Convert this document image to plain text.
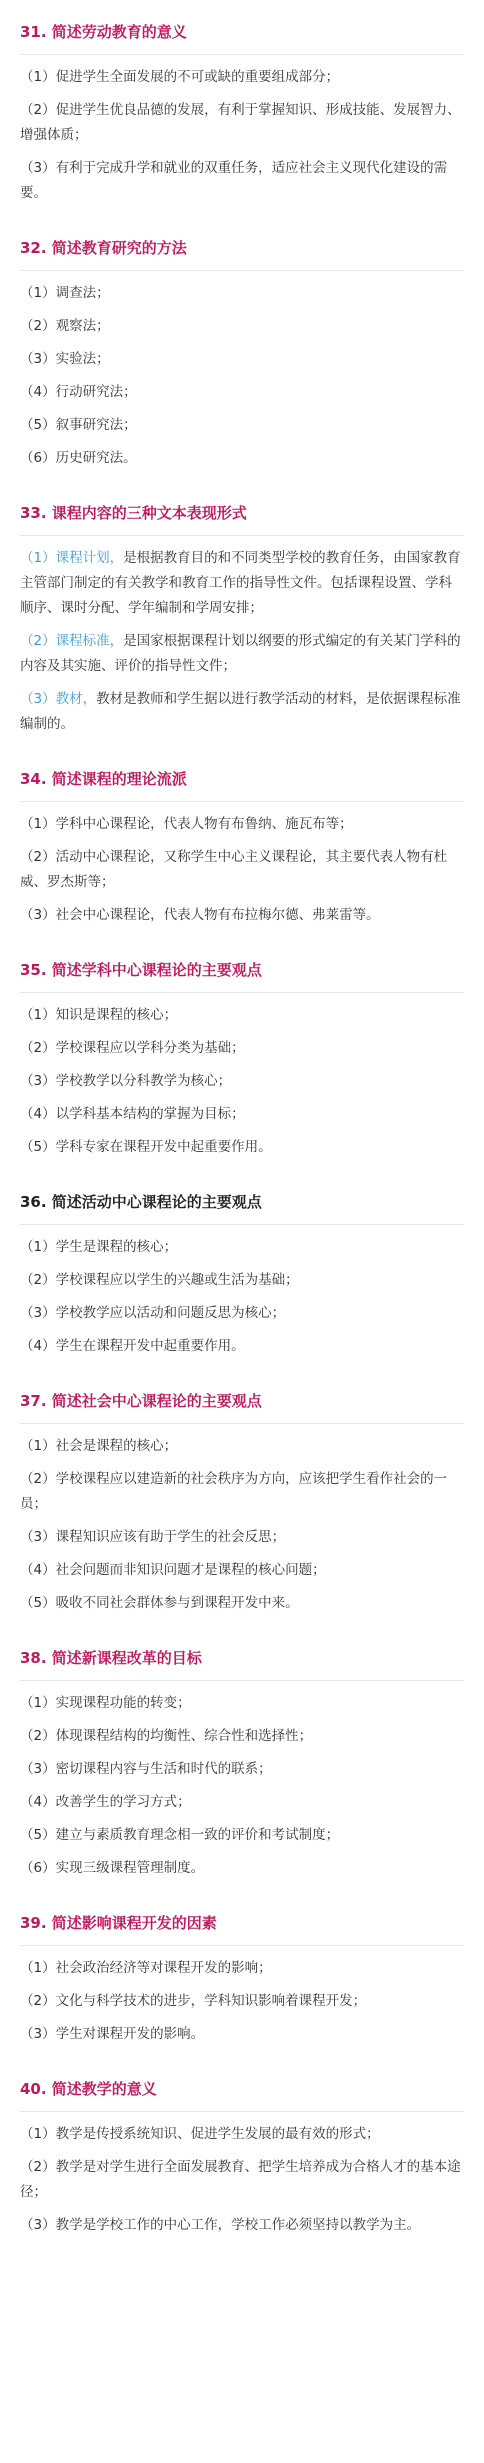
31. 简述劳动教育的意义

（1）促进学生全面发展的不可或缺的重要组成部分；

（2）促进学生优良品德的发展，有利于掌握知识、形成技能、发展智力、增强体质；

（3）有利于完成升学和就业的双重任务，适应社会主义现代化建设的需要。

32. 简述教育研究的方法

（1）调查法；

（2）观察法；

（3）实验法；

（4）行动研究法；

（5）叙事研究法；

（6）历史研究法。

33. 课程内容的三种文本表现形式

（1）课程计划，是根据教育目的和不同类型学校的教育任务，由国家教育主管部门制定的有关教学和教育工作的指导性文件。包括课程设置、学科顺序、课时分配、学年编制和学周安排；

（2）课程标准，是国家根据课程计划以纲要的形式编定的有关某门学科的内容及其实施、评价的指导性文件；

（3）教材，教材是教师和学生据以进行教学活动的材料，是依据课程标准编制的。

34. 简述课程的理论流派

（1）学科中心课程论，代表人物有布鲁纳、施瓦布等；

（2）活动中心课程论，又称学生中心主义课程论，其主要代表人物有杜威、罗杰斯等；

（3）社会中心课程论，代表人物有布拉梅尔德、弗莱雷等。

35. 简述学科中心课程论的主要观点

（1）知识是课程的核心；

（2）学校课程应以学科分类为基础；

（3）学校教学以分科教学为核心；

（4）以学科基本结构的掌握为目标；

（5）学科专家在课程开发中起重要作用。

36. 简述活动中心课程论的主要观点

（1）学生是课程的核心；

（2）学校课程应以学生的兴趣或生活为基础；

（3）学校教学应以活动和问题反思为核心；

（4）学生在课程开发中起重要作用。

37. 简述社会中心课程论的主要观点

（1）社会是课程的核心；

（2）学校课程应以建造新的社会秩序为方向，应该把学生看作社会的一员；

（3）课程知识应该有助于学生的社会反思；

（4）社会问题而非知识问题才是课程的核心问题；

（5）吸收不同社会群体参与到课程开发中来。

38. 简述新课程改革的目标

（1）实现课程功能的转变；

（2）体现课程结构的均衡性、综合性和选择性；

（3）密切课程内容与生活和时代的联系；

（4）改善学生的学习方式；

（5）建立与素质教育理念相一致的评价和考试制度；

（6）实现三级课程管理制度。

39. 简述影响课程开发的因素

（1）社会政治经济等对课程开发的影响；

（2）文化与科学技术的进步，学科知识影响着课程开发；

（3）学生对课程开发的影响。

40. 简述教学的意义

（1）教学是传授系统知识、促进学生发展的最有效的形式；

（2）教学是对学生进行全面发展教育、把学生培养成为合格人才的基本途径；

（3）教学是学校工作的中心工作，学校工作必须坚持以教学为主。
